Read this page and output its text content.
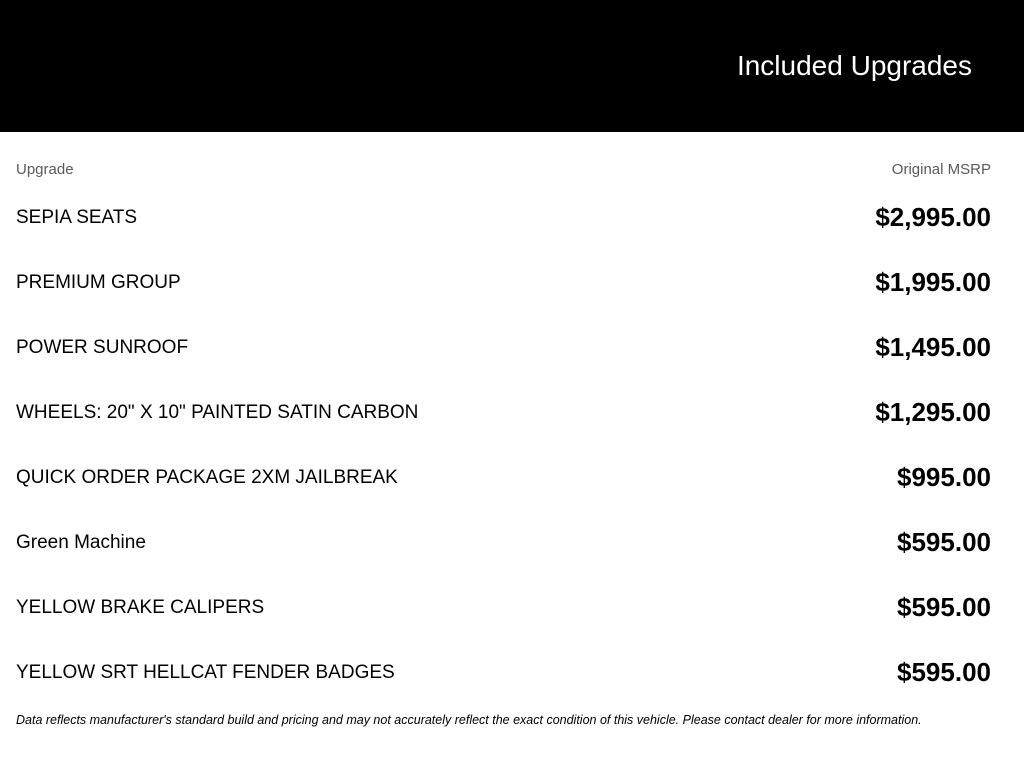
Included Upgrades
Upgrade	Original MSRP
SEPIA SEATS	$2,995.00
PREMIUM GROUP	$1,995.00
POWER SUNROOF	$1,495.00
WHEELS: 20" X 10" PAINTED SATIN CARBON	$1,295.00
QUICK ORDER PACKAGE 2XM JAILBREAK	$995.00
Green Machine	$595.00
YELLOW BRAKE CALIPERS	$595.00
YELLOW SRT HELLCAT FENDER BADGES	$595.00
Data reflects manufacturer's standard build and pricing and may not accurately reflect the exact condition of this vehicle. Please contact dealer for more information.
